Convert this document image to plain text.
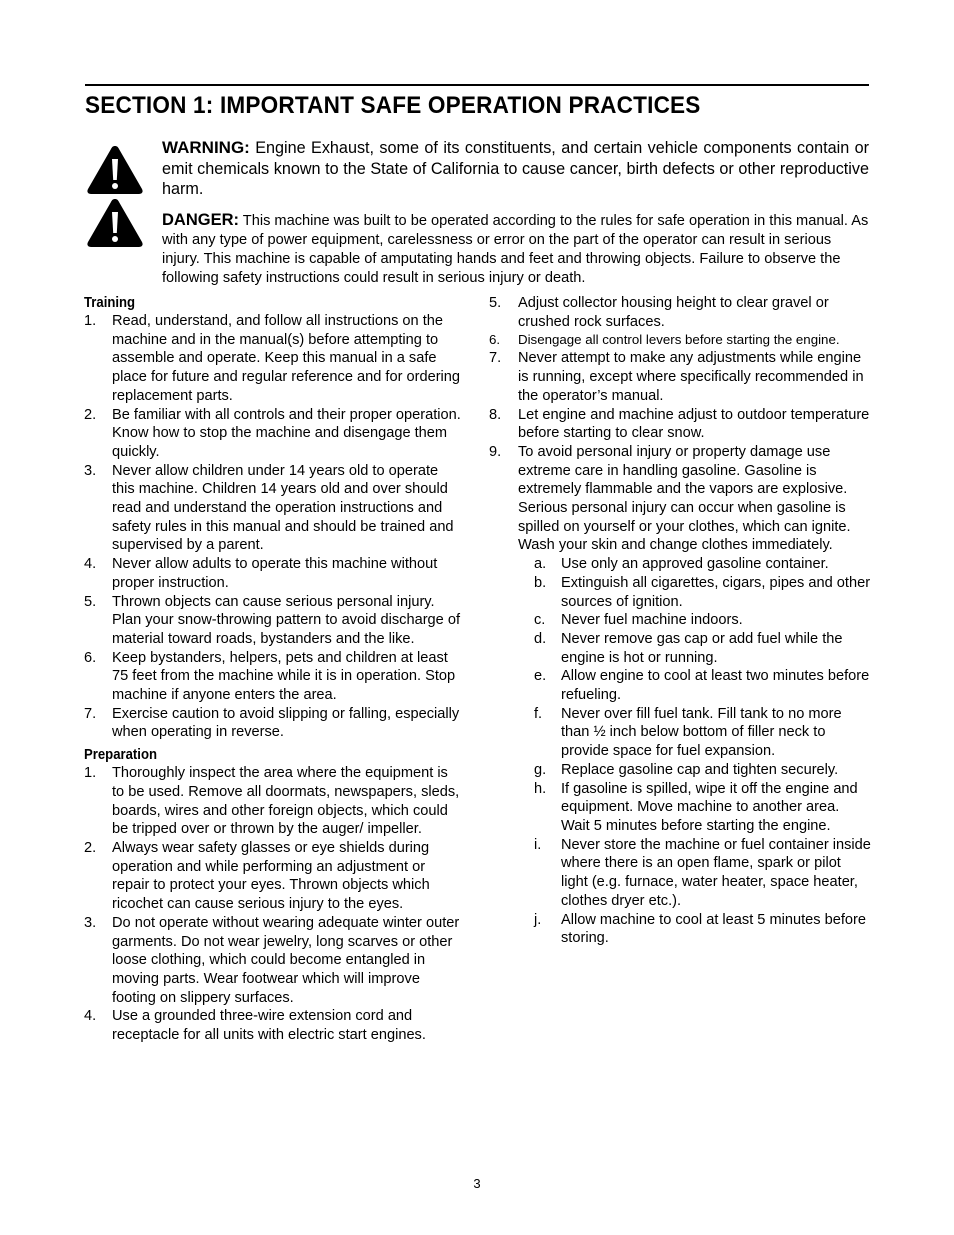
SECTION 1: IMPORTANT SAFE OPERATION PRACTICES
WARNING: Engine Exhaust, some of its constituents, and certain vehicle components contain or emit chemicals known to the State of California to cause cancer, birth defects or other reproductive harm.
DANGER: This machine was built to be operated according to the rules for safe operation in this manual. As with any type of power equipment, carelessness or error on the part of the operator can result in serious injury. This machine is capable of amputating hands and feet and throwing objects. Failure to observe the following safety instructions could result in serious injury or death.
Training
1. Read, understand, and follow all instructions on the machine and in the manual(s) before attempting to assemble and operate. Keep this manual in a safe place for future and regular reference and for ordering replacement parts.
2. Be familiar with all controls and their proper operation. Know how to stop the machine and disengage them quickly.
3. Never allow children under 14 years old to operate this machine. Children 14 years old and over should read and understand the operation instructions and safety rules in this manual and should be trained and supervised by a parent.
4. Never allow adults to operate this machine without proper instruction.
5. Thrown objects can cause serious personal injury. Plan your snow-throwing pattern to avoid discharge of material toward roads, bystanders and the like.
6. Keep bystanders, helpers, pets and children at least 75 feet from the machine while it is in operation. Stop machine if anyone enters the area.
7. Exercise caution to avoid slipping or falling, especially when operating in reverse.
Preparation
1. Thoroughly inspect the area where the equipment is to be used. Remove all doormats, newspapers, sleds, boards, wires and other foreign objects, which could be tripped over or thrown by the auger/ impeller.
2. Always wear safety glasses or eye shields during operation and while performing an adjustment or repair to protect your eyes. Thrown objects which ricochet can cause serious injury to the eyes.
3. Do not operate without wearing adequate winter outer garments. Do not wear jewelry, long scarves or other loose clothing, which could become entangled in moving parts. Wear footwear which will improve footing on slippery surfaces.
4. Use a grounded three-wire extension cord and receptacle for all units with electric start engines.
5. Adjust collector housing height to clear gravel or crushed rock surfaces.
6. Disengage all control levers before starting the engine.
7. Never attempt to make any adjustments while engine is running, except where specifically recommended in the operator’s manual.
8. Let engine and machine adjust to outdoor temperature before starting to clear snow.
9. To avoid personal injury or property damage use extreme care in handling gasoline. Gasoline is extremely flammable and the vapors are explosive. Serious personal injury can occur when gasoline is spilled on yourself or your clothes, which can ignite. Wash your skin and change clothes immediately.
a. Use only an approved gasoline container.
b. Extinguish all cigarettes, cigars, pipes and other sources of ignition.
c. Never fuel machine indoors.
d. Never remove gas cap or add fuel while the engine is hot or running.
e. Allow engine to cool at least two minutes before refueling.
f. Never over fill fuel tank. Fill tank to no more than ½ inch below bottom of filler neck to provide space for fuel expansion.
g. Replace gasoline cap and tighten securely.
h. If gasoline is spilled, wipe it off the engine and equipment. Move machine to another area. Wait 5 minutes before starting the engine.
i. Never store the machine or fuel container inside where there is an open flame, spark or pilot light (e.g. furnace, water heater, space heater, clothes dryer etc.).
j. Allow machine to cool at least 5 minutes before storing.
3
